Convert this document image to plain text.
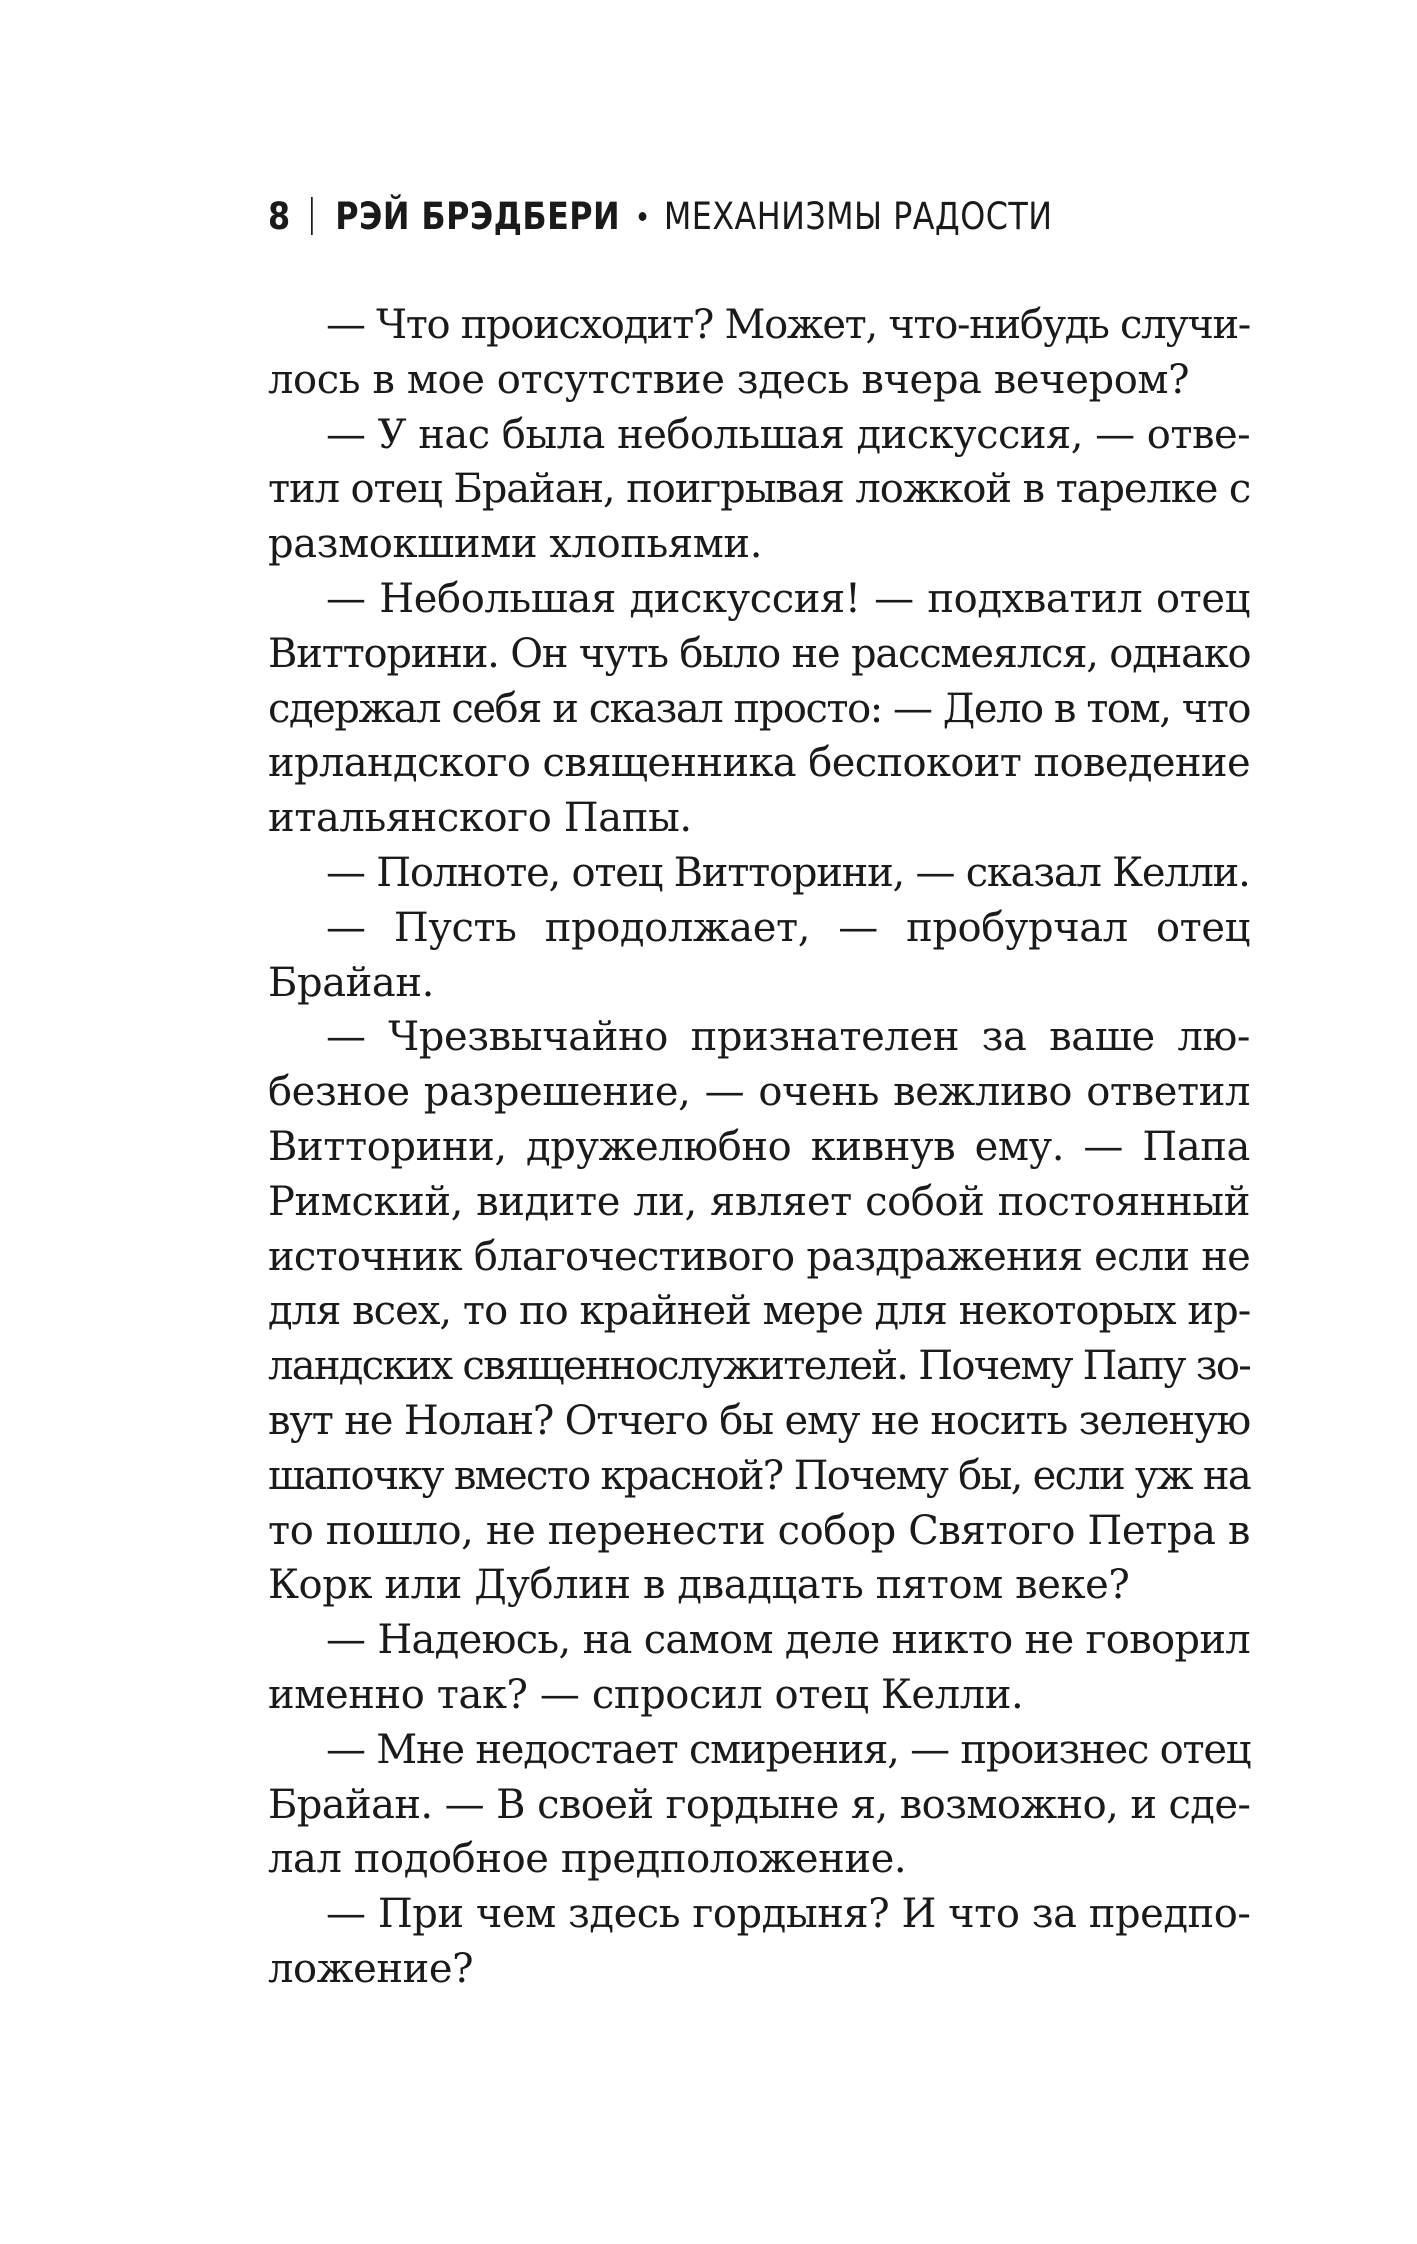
8 РЭЙ БРЭДБЕРИ МЕХАНИЗМЫ РАДОСТИ
— Что происходит? Может, что-нибудь случи-
лось в мое отсутствие здесь вчера вечером?
— У нас была небольшая дискуссия, — отве-
тил отец Брайан, поигрывая ложкой в тарелке с
размокшими хлопьями.
— Небольшая дискуссия! — подхватил отец
Витторини. Он чуть было не рассмеялся, однако
сдержал себя и сказал просто: — Дело в том, что
ирландского священника беспокоит поведение
итальянского Папы.
— Полноте, отец Витторини, — сказал Келли.
— Пусть продолжает, — пробурчал отец
Брайан.
— Чрезвычайно признателен за ваше лю-
безное разрешение, — очень вежливо ответил
Витторини, дружелюбно кивнув ему. — Папа
Римский, видите ли, являет собой постоянный
источник благочестивого раздражения если не
для всех, то по крайней мере для некоторых ир-
ландских священнослужителей. Почему Папу зо-
вут не Нолан? Отчего бы ему не носить зеленую
шапочку вместо красной? Почему бы, если уж на
то пошло, не перенести собор Святого Петра в
Корк или Дублин в двадцать пятом веке?
— Надеюсь, на самом деле никто не говорил
именно так? — спросил отец Келли.
— Мне недостает смирения, — произнес отец
Брайан. — В своей гордыне я, возможно, и сде-
лал подобное предположение.
— При чем здесь гордыня? И что за предпо-
ложение?
